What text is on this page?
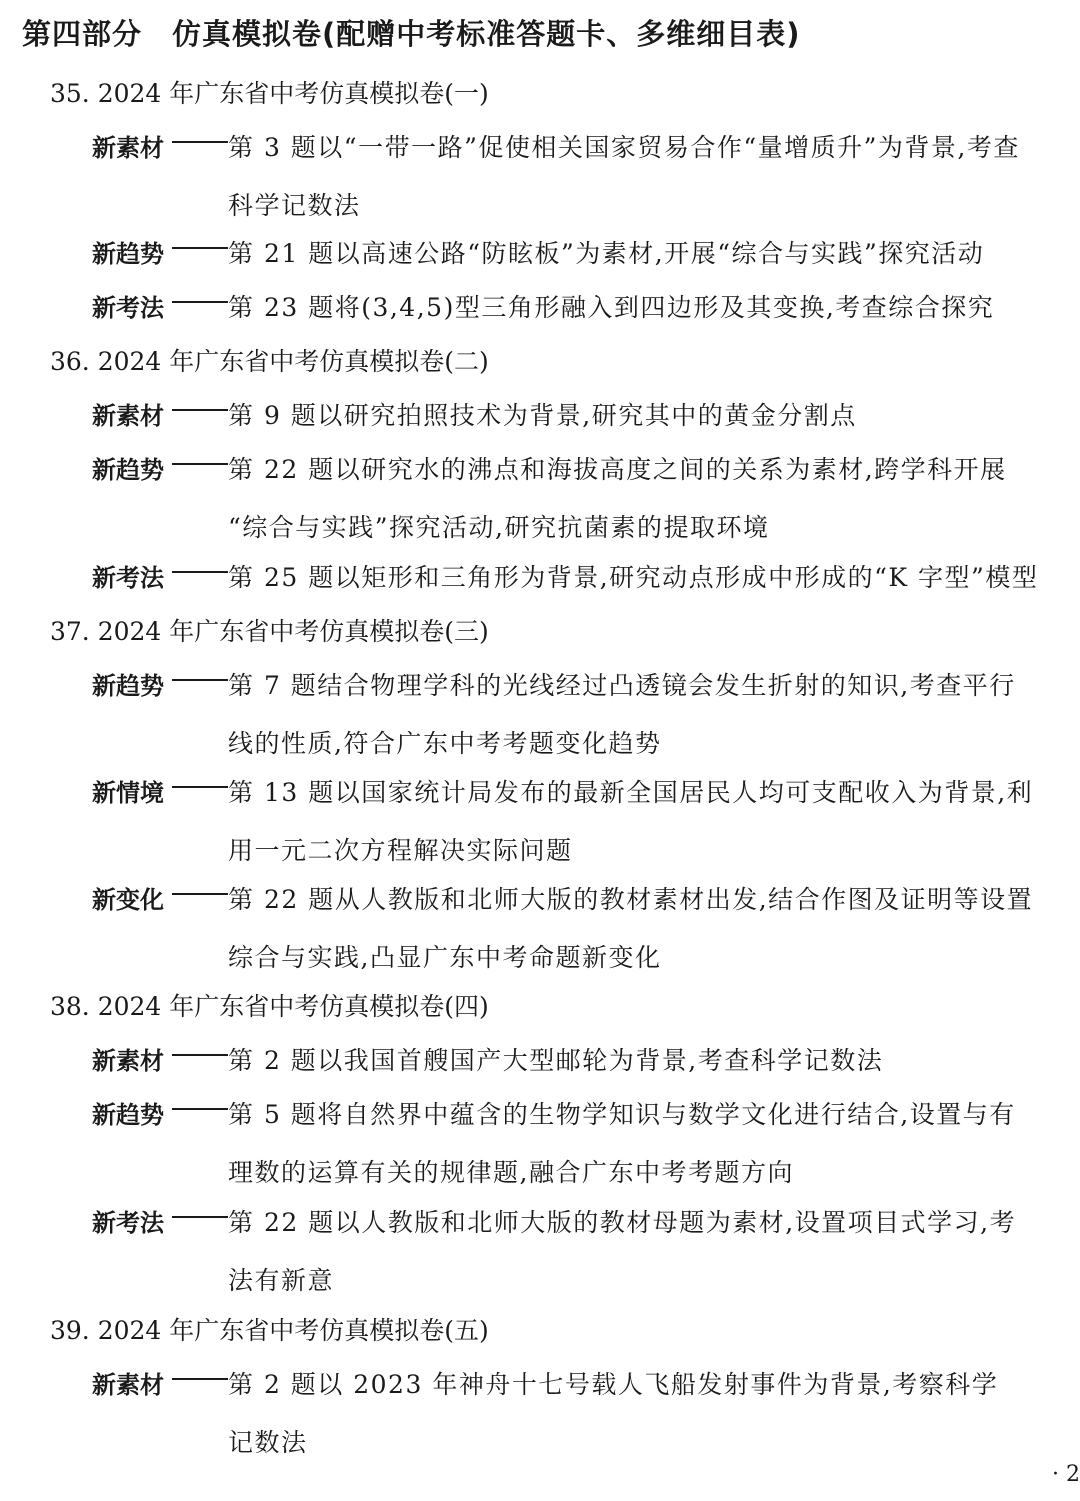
第四部分　仿真模拟卷(配赠中考标准答题卡、多维细目表)
35. 2024 年广东省中考仿真模拟卷(一)
新素材	第 3 题以“一带一路”促使相关国家贸易合作“量增质升”为背景,考查
科学记数法
新趋势	第 21 题以高速公路“防眩板”为素材,开展“综合与实践”探究活动
新考法	第 23 题将(3,4,5)型三角形融入到四边形及其变换,考查综合探究
36. 2024 年广东省中考仿真模拟卷(二)
新素材	第 9 题以研究拍照技术为背景,研究其中的黄金分割点
新趋势	第 22 题以研究水的沸点和海拔高度之间的关系为素材,跨学科开展
“综合与实践”探究活动,研究抗菌素的提取环境
新考法	第 25 题以矩形和三角形为背景,研究动点形成中形成的“K 字型”模型
37. 2024 年广东省中考仿真模拟卷(三)
新趋势	第 7 题结合物理学科的光线经过凸透镜会发生折射的知识,考查平行
线的性质,符合广东中考考题变化趋势
新情境	第 13 题以国家统计局发布的最新全国居民人均可支配收入为背景,利
用一元二次方程解决实际问题
新变化	第 22 题从人教版和北师大版的教材素材出发,结合作图及证明等设置
综合与实践,凸显广东中考命题新变化
38. 2024 年广东省中考仿真模拟卷(四)
新素材	第 2 题以我国首艘国产大型邮轮为背景,考查科学记数法
新趋势	第 5 题将自然界中蕴含的生物学知识与数学文化进行结合,设置与有
理数的运算有关的规律题,融合广东中考考题方向
新考法	第 22 题以人教版和北师大版的教材母题为素材,设置项目式学习,考
法有新意
39. 2024 年广东省中考仿真模拟卷(五)
新素材	第 2 题以 2023 年神舟十七号载人飞船发射事件为背景,考察科学
记数法
· 2
